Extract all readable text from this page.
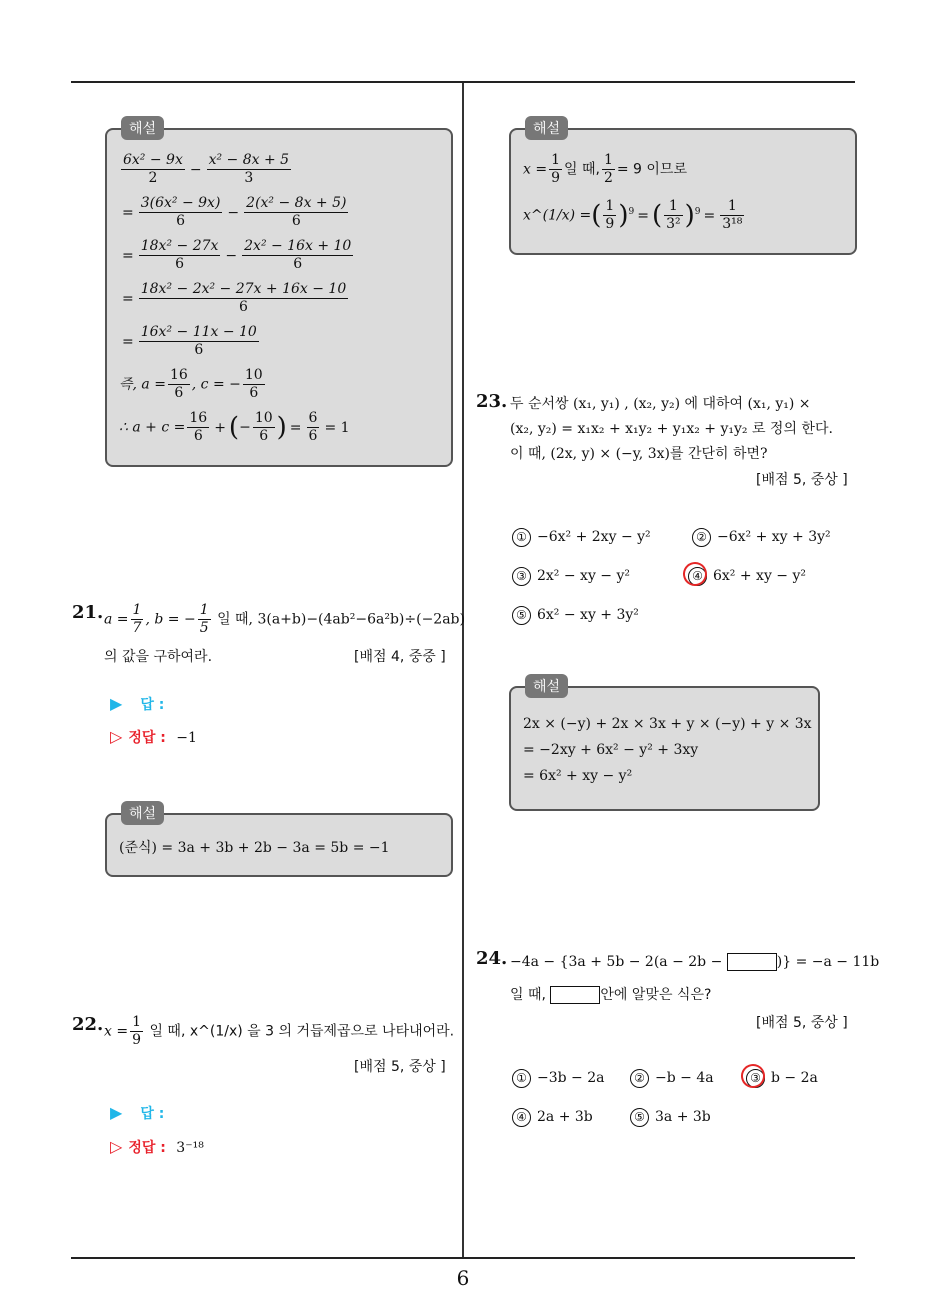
해설
$\frac{\text{6x² − 9x}}{2} - \frac{\text{x² − 8x + 5}}{3}$
= $\frac{\text{3(6x² − 9x)}}{6} - \frac{\text{2(x² − 8x + 5)}}{6}$
= $\frac{\text{18x² − 27x}}{6} - \frac{\text{2x² − 16x + 10}}{6}$
= $\frac{\text{18x² − 2x² − 27x + 16x − 10}}{6}$
= $\frac{\text{16x² − 11x − 10}}{6}$
즉, $a = \frac{16}{6}$ , c = − $\frac{10}{6}$
∴ $a + c = \frac{16}{6}$ + (− $\frac{10}{6}$ ) = $\frac{6}{6} = 1$
21. $a = \frac{1}{7}$ , b = − $\frac{1}{5}$ 일 때, 3(a+b)−(4ab²−6a²b)÷(−2ab)
의 값을 구하여라.	[배점 4, 중중 ]
▶ 답 :
▷ 정답 : −1
해설
(준식) = 3a + 3b + 2b − 3a = 5b = −1
22. $x = \frac{1}{9}$ 일 때, x^(1/x) 을 3 의 거듭제곱으로 나타내어라.
[배점 5, 중상 ]
▶ 답 :
▷ 정답 : 3⁻¹⁸
해설
$x = \frac{1}{9}$ 일 때, $\frac{1}{2} = 9$ 이므로
x^(1/x) =( $\frac{1}{9} )^9$ = ( $\frac{1}{\text{3²}} )^9 = \frac{1}{\text{3¹⁸}}$
23. 두 순서쌍 (x₁, y₁) , (x₂, y₂) 에 대하여 (x₁, y₁) ×
(x₂, y₂) = x₁x₂ + x₁y₂ + y₁x₂ + y₁y₂ 로 정의 한다.
이 때, (2x, y) × (−y, 3x)를 간단히 하면?
[배점 5, 중상 ]
① −6x² + 2xy − y²	② −6x² + xy + 3y²
③ 2x² − xy − y²	④ 6x² + xy − y²
⑤ 6x² − xy + 3y²
해설
2x × (−y) + 2x × 3x + y × (−y) + y × 3x
= −2xy + 6x² − y² + 3xy
= 6x² + xy − y²
24. −4a − {3a + 5b − 2(a − 2b −	)} = −a − 11b
일 때,	안에 알맞은 식은?
[배점 5, 중상 ]
① −3b − 2a	② −b − 4a	③ b − 2a
④ 2a + 3b	⑤ 3a + 3b
6
